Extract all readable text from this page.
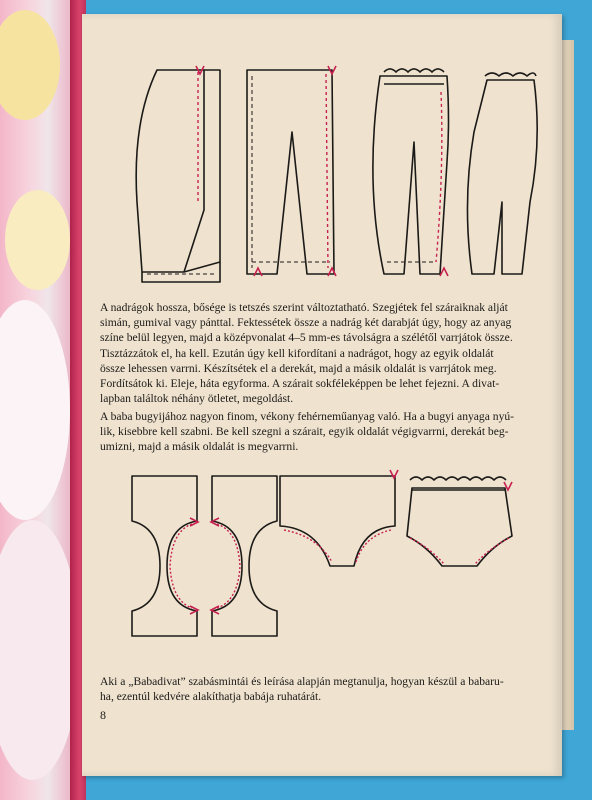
A nadrágok hossza, bősége is tetszés szerint változtatható. Szegjétek fel száraiknak alját
simán, gumival vagy pánttal. Fektessétek össze a nadrág két darabját úgy, hogy az anyag
színe belül legyen, majd a középvonalat 4–5 mm-es távolságra a szélétől varrjátok össze.
Tisztázzátok el, ha kell. Ezután úgy kell kifordítani a nadrágot, hogy az egyik oldalát
össze lehessen varrni. Készítsétek el a derekát, majd a másik oldalát is varrjátok meg.
Fordítsátok ki. Eleje, háta egyforma. A szárait sokféleképpen be lehet fejezni. A divat-
lapban találtok néhány ötletet, megoldást.

A baba bugyijához nagyon finom, vékony fehérneműanyag való. Ha a bugyi anyaga nyú-
lik, kisebbre kell szabni. Be kell szegni a szárait, egyik oldalát végigvarrni, derekát beg-
umizni, majd a másik oldalát is megvarrni.

Aki a „Babadivat” szabásmintái és leírása alapján megtanulja, hogyan készül a babaru-
ha, ezentúl kedvére alakíthatja babája ruhatárát.

8
